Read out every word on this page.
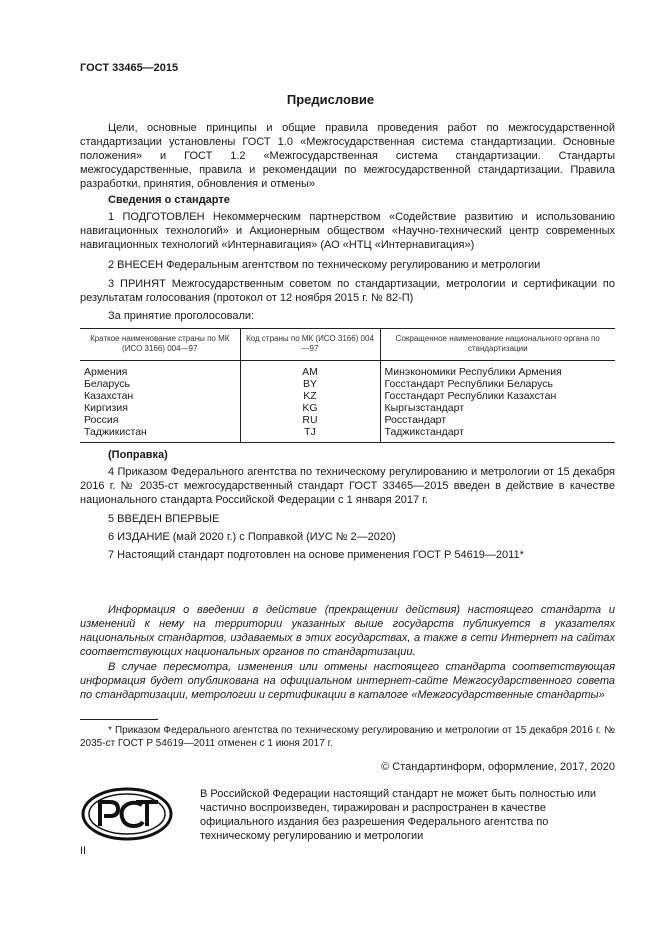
ГОСТ 33465—2015
Предисловие

Цели, основные принципы и общие правила проведения работ по межгосударственной стандартизации установлены ГОСТ 1.0 «Межгосударственная система стандартизации. Основные положения» и ГОСТ 1.2 «Межгосударственная система стандартизации. Стандарты межгосударственные, правила и рекомендации по межгосударственной стандартизации. Правила разработки, принятия, обновления и отмены»

Сведения о стандарте

1 ПОДГОТОВЛЕН Некоммерческим партнерством «Содействие развитию и использованию навигационных технологий» и Акционерным обществом «Научно-технический центр современных навигационных технологий «Интернавигация» (АО «НТЦ «Интернавигация»)

2 ВНЕСЕН Федеральным агентством по техническому регулированию и метрологии

3 ПРИНЯТ Межгосударственным советом по стандартизации, метрологии и сертификации по результатам голосования (протокол от 12 ноября 2015 г. № 82-П)

За принятие проголосовали:
Краткое наименование страны по МК (ИСО 3166) 004—97	Код страны по МК (ИСО 3166) 004—97	Сокращенное наименование национального органа по стандартизации
Армения	AM	Минэкономики Республики Армения
Беларусь	BY	Госстандарт Республики Беларусь
Казахстан	KZ	Госстандарт Республики Казахстан
Киргизия	KG	Кыргызстандарт
Россия	RU	Росстандарт
Таджикистан	TJ	Таджикстандарт
(Поправка)

4 Приказом Федерального агентства по техническому регулированию и метрологии от 15 декабря 2016 г. № 2035-ст межгосударственный стандарт ГОСТ 33465—2015 введен в действие в качестве национального стандарта Российской Федерации с 1 января 2017 г.

5 ВВЕДЕН ВПЕРВЫЕ
6 ИЗДАНИЕ (май 2020 г.) с Поправкой (ИУС № 2—2020)
7 Настоящий стандарт подготовлен на основе применения ГОСТ Р 54619—2011*

Информация о введении в действие (прекращении действия) настоящего стандарта и изменений к нему на территории указанных выше государств публикуется в указателях национальных стандартов, издаваемых в этих государствах, а также в сети Интернет на сайтах соответствующих национальных органов по стандартизации.

В случае пересмотра, изменения или отмены настоящего стандарта соответствующая информация будет опубликована на официальном интернет-сайте Межгосударственного совета по стандартизации, метрологии и сертификации в каталоге «Межгосударственные стандарты»

* Приказом Федерального агентства по техническому регулированию и метрологии от 15 декабря 2016 г. № 2035-ст ГОСТ Р 54619—2011 отменен с 1 июня 2017 г.

© Стандартинформ, оформление, 2017, 2020

В Российской Федерации настоящий стандарт не может быть полностью или частично воспроизведен, тиражирован и распространен в качестве официального издания без разрешения Федерального агентства по техническому регулированию и метрологии

II
